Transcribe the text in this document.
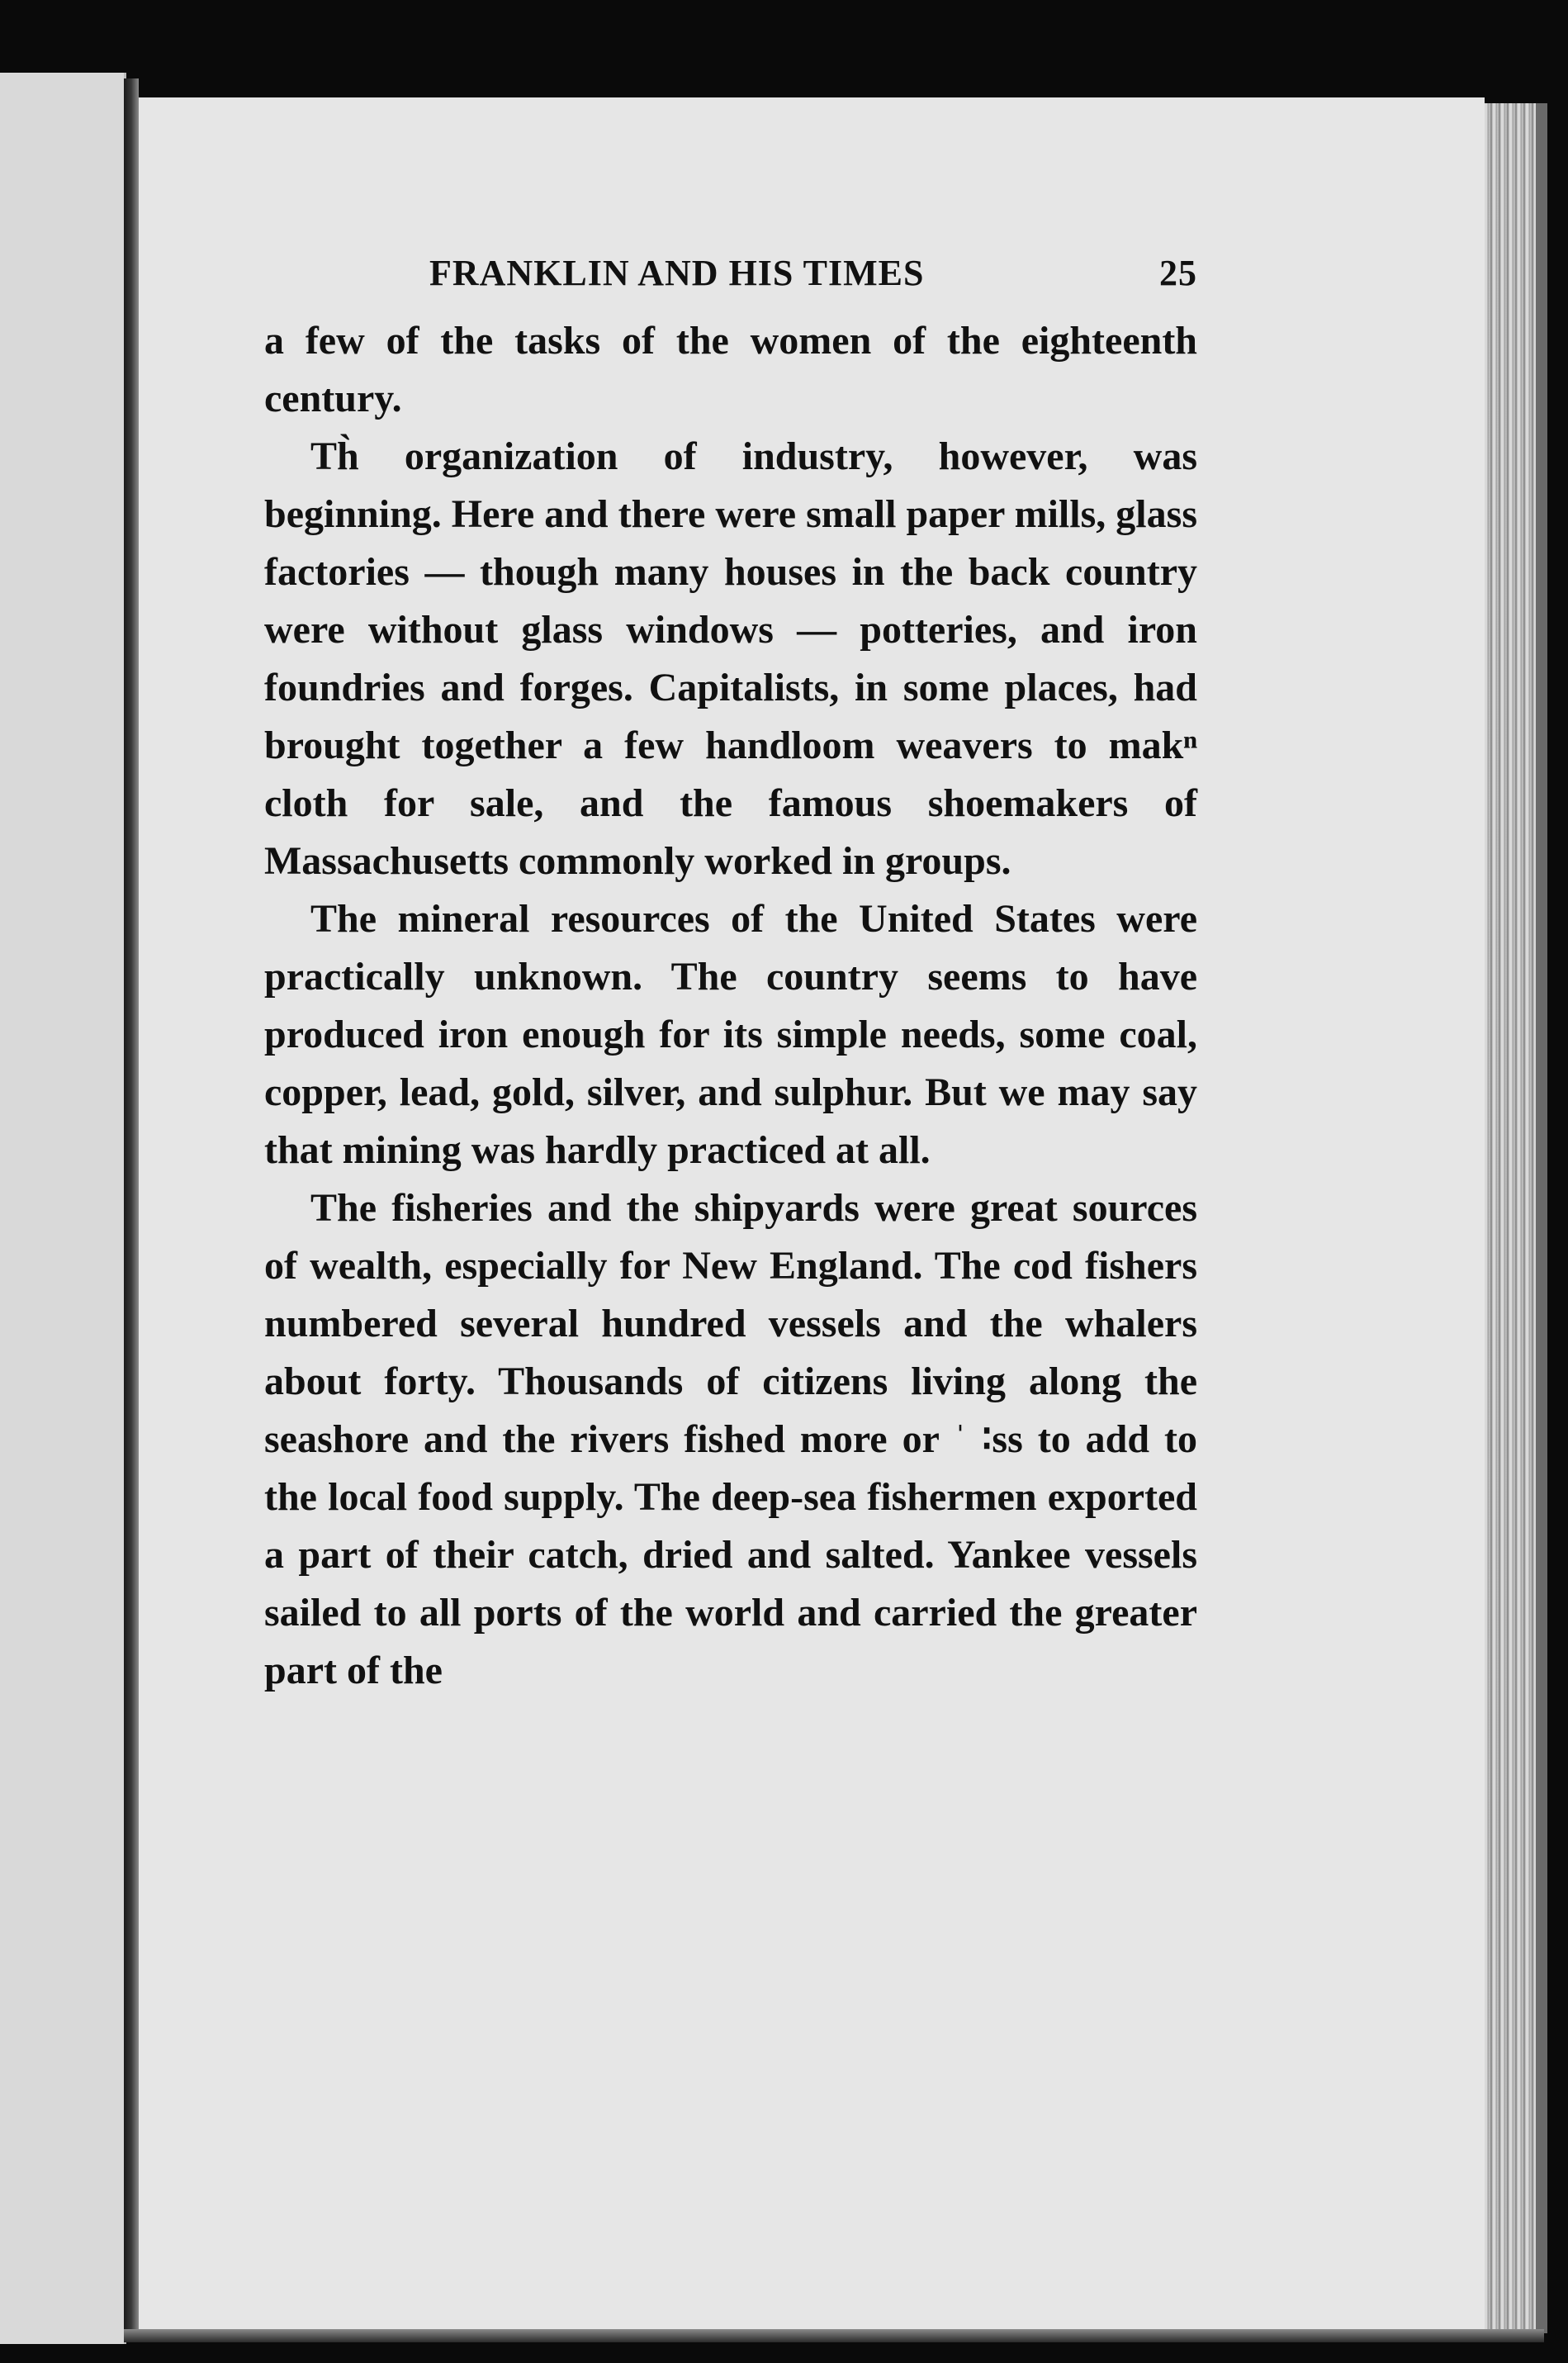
FRANKLIN AND HIS TIMES	25

a few of the tasks of the women of the eighteenth century.

Th̀ organization of industry, however, was beginning. Here and there were small paper mills, glass factories — though many houses in the back country were without glass windows — potteries, and iron foundries and forges. Capitalists, in some places, had brought together a few handloom weavers to makⁿ cloth for sale, and the famous shoemakers of Massachusetts commonly worked in groups.

The mineral resources of the United States were practically unknown. The country seems to have produced iron enough for its simple needs, some coal, copper, lead, gold, silver, and sulphur. But we may say that mining was hardly practiced at all.

The fisheries and the shipyards were great sources of wealth, especially for New England. The cod fishers numbered several hundred vessels and the whalers about forty. Thousands of citizens living along the seashore and the rivers fished more or ˈ ∶ss to add to the local food supply. The deep-sea fishermen exported a part of their catch, dried and salted. Yankee vessels sailed to all ports of the world and carried the greater part of the
